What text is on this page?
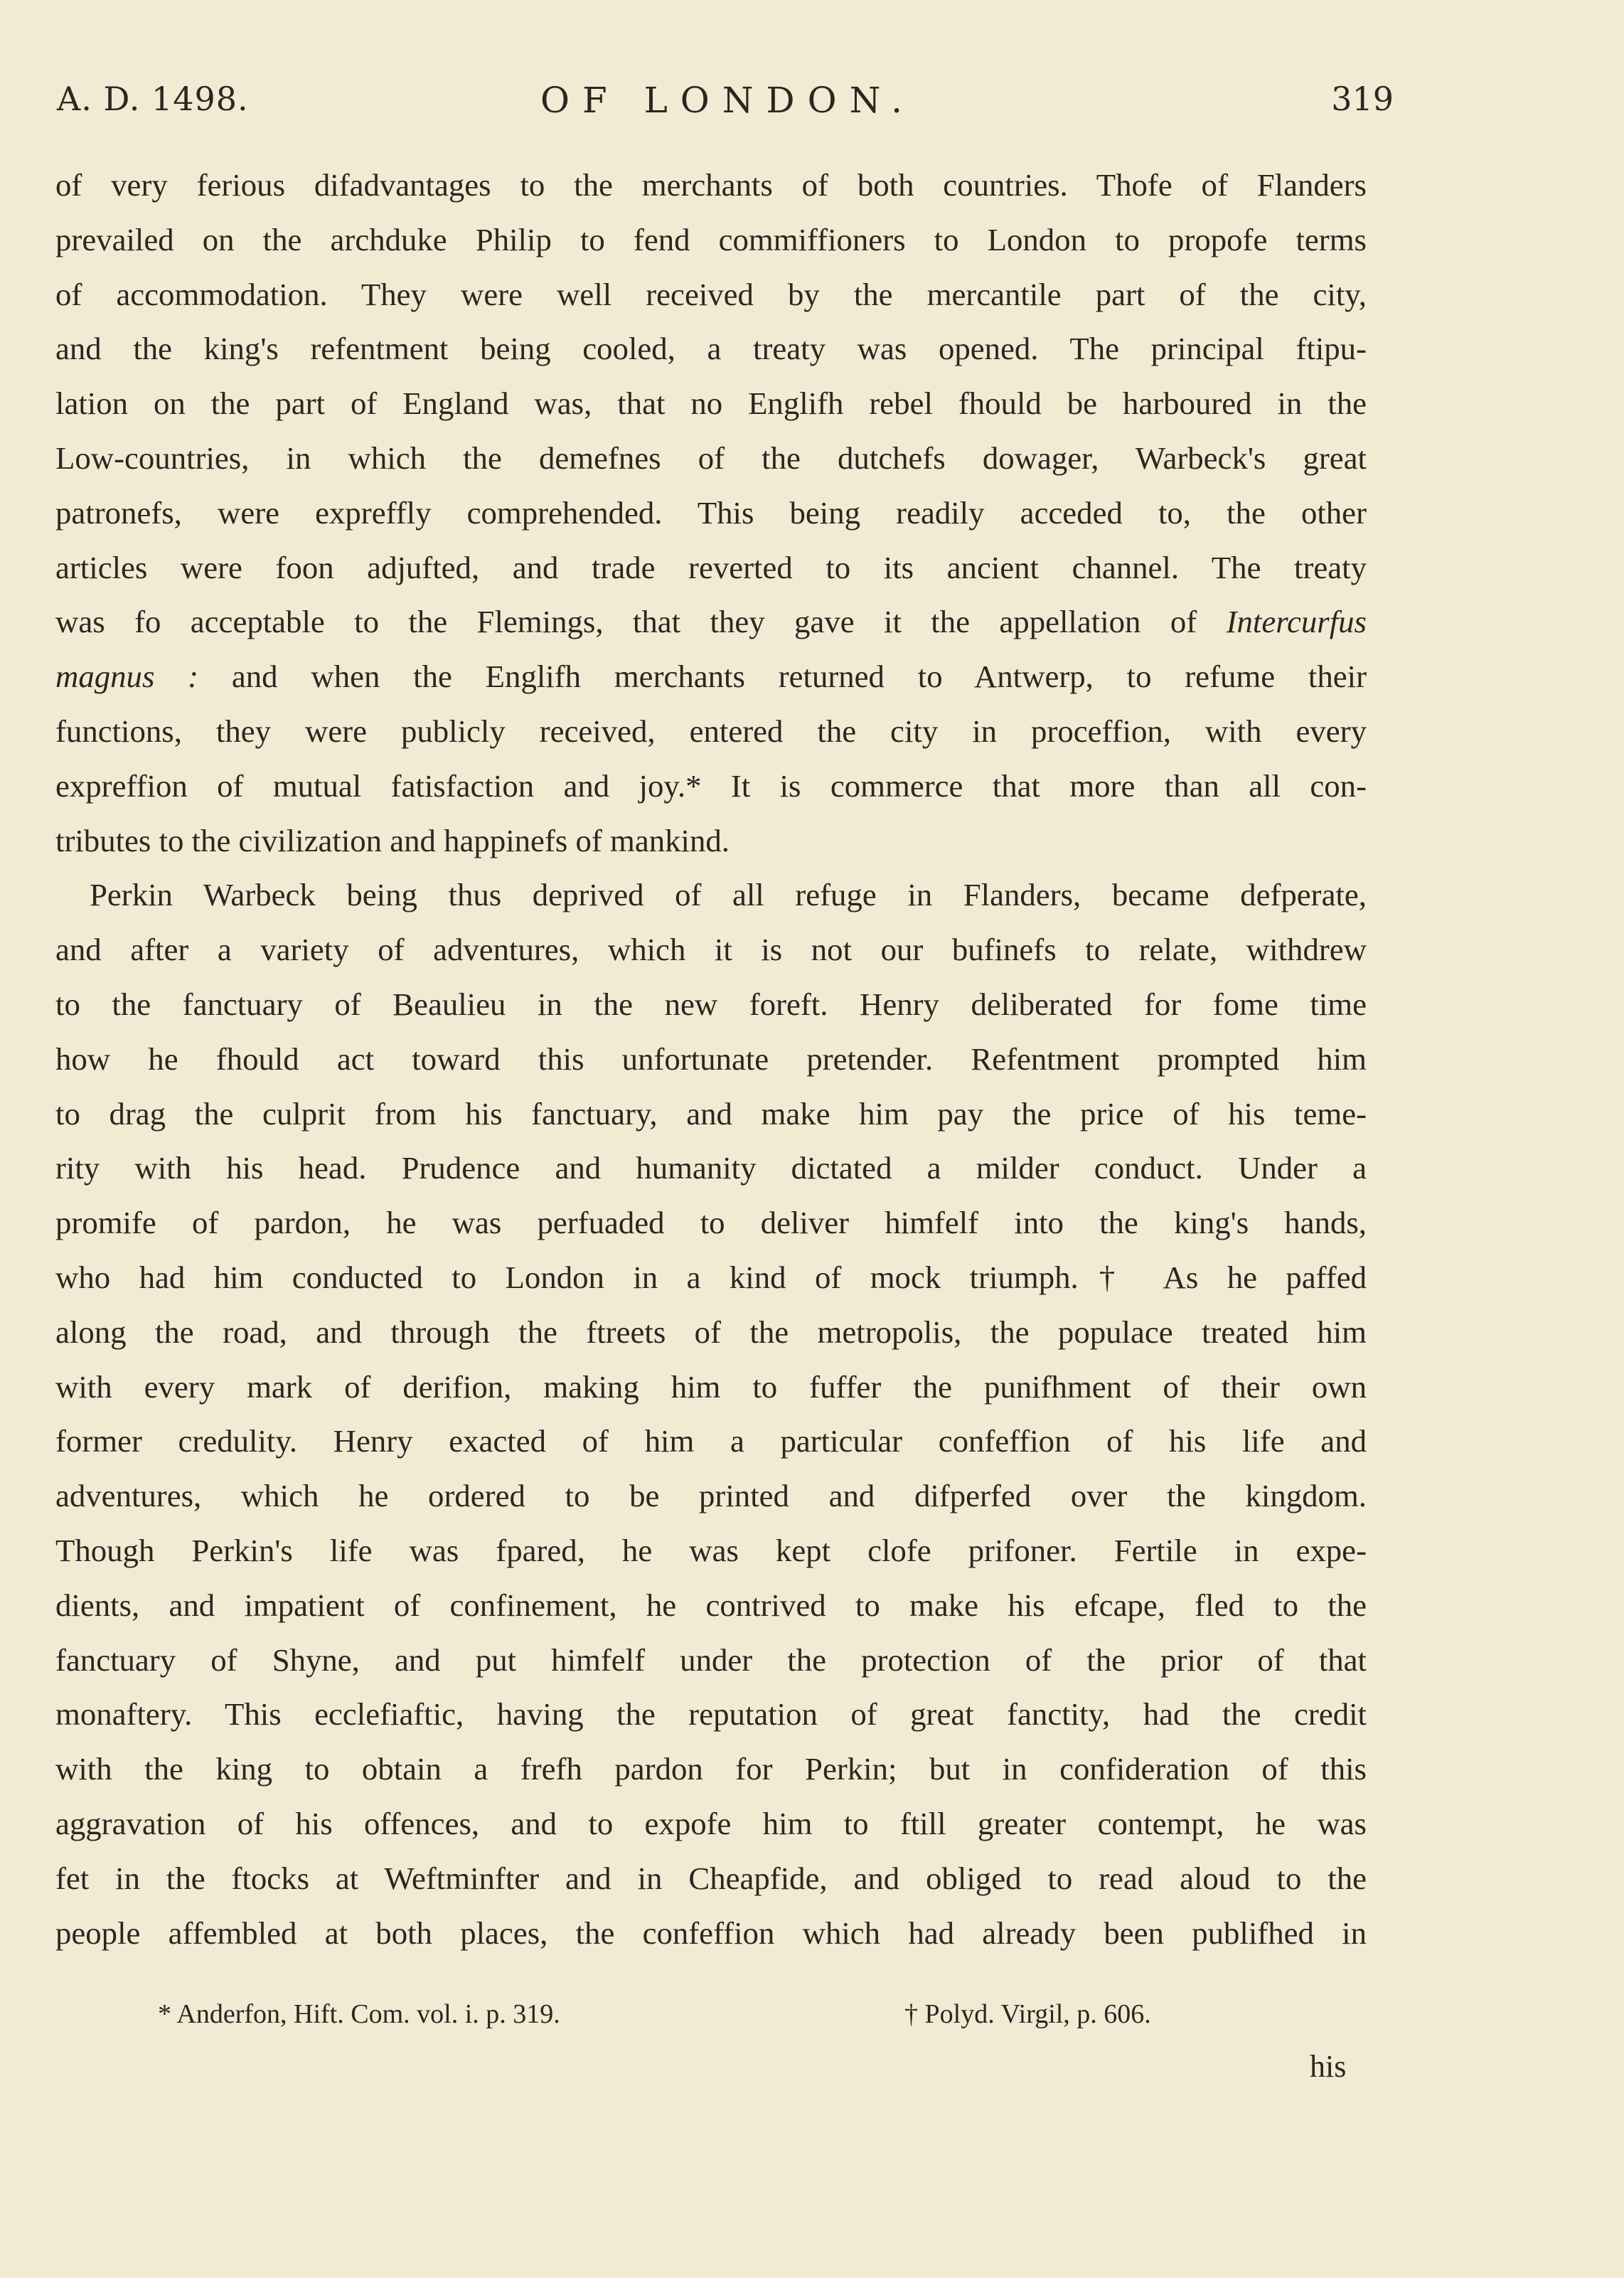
A. D. 1498.	OF LONDON.	319
of very ferious difadvantages to the merchants of both countries. Thofe of Flanders
prevailed on the archduke Philip to fend commiffioners to London to propofe terms
of accommodation. They were well received by the mercantile part of the city,
and the king's refentment being cooled, a treaty was opened. The principal ftipu-
lation on the part of England was, that no Englifh rebel fhould be harboured in the
Low-countries, in which the demefnes of the dutchefs dowager, Warbeck's great
patronefs, were expreffly comprehended. This being readily acceded to, the other
articles were foon adjufted, and trade reverted to its ancient channel. The treaty
was fo acceptable to the Flemings, that they gave it the appellation of Intercurfus
magnus : and when the Englifh merchants returned to Antwerp, to refume their
functions, they were publicly received, entered the city in proceffion, with every
expreffion of mutual fatisfaction and joy.* It is commerce that more than all con-
tributes to the civilization and happinefs of mankind.
Perkin Warbeck being thus deprived of all refuge in Flanders, became defperate,
and after a variety of adventures, which it is not our bufinefs to relate, withdrew
to the fanctuary of Beaulieu in the new foreft. Henry deliberated for fome time
how he fhould act toward this unfortunate pretender. Refentment prompted him
to drag the culprit from his fanctuary, and make him pay the price of his teme-
rity with his head. Prudence and humanity dictated a milder conduct. Under a
promife of pardon, he was perfuaded to deliver himfelf into the king's hands,
who had him conducted to London in a kind of mock triumph.† As he paffed
along the road, and through the ftreets of the metropolis, the populace treated him
with every mark of derifion, making him to fuffer the punifhment of their own
former credulity. Henry exacted of him a particular confeffion of his life and
adventures, which he ordered to be printed and difperfed over the kingdom.
Though Perkin's life was fpared, he was kept clofe prifoner. Fertile in expe-
dients, and impatient of confinement, he contrived to make his efcape, fled to the
fanctuary of Shyne, and put himfelf under the protection of the prior of that
monaftery. This ecclefiaftic, having the reputation of great fanctity, had the credit
with the king to obtain a frefh pardon for Perkin; but in confideration of this
aggravation of his offences, and to expofe him to ftill greater contempt, he was
fet in the ftocks at Weftminfter and in Cheapfide, and obliged to read aloud to the
people affembled at both places, the confeffion which had already been publifhed in
* Anderfon, Hift. Com. vol. i. p. 319.	† Polyd. Virgil, p. 606.
his
